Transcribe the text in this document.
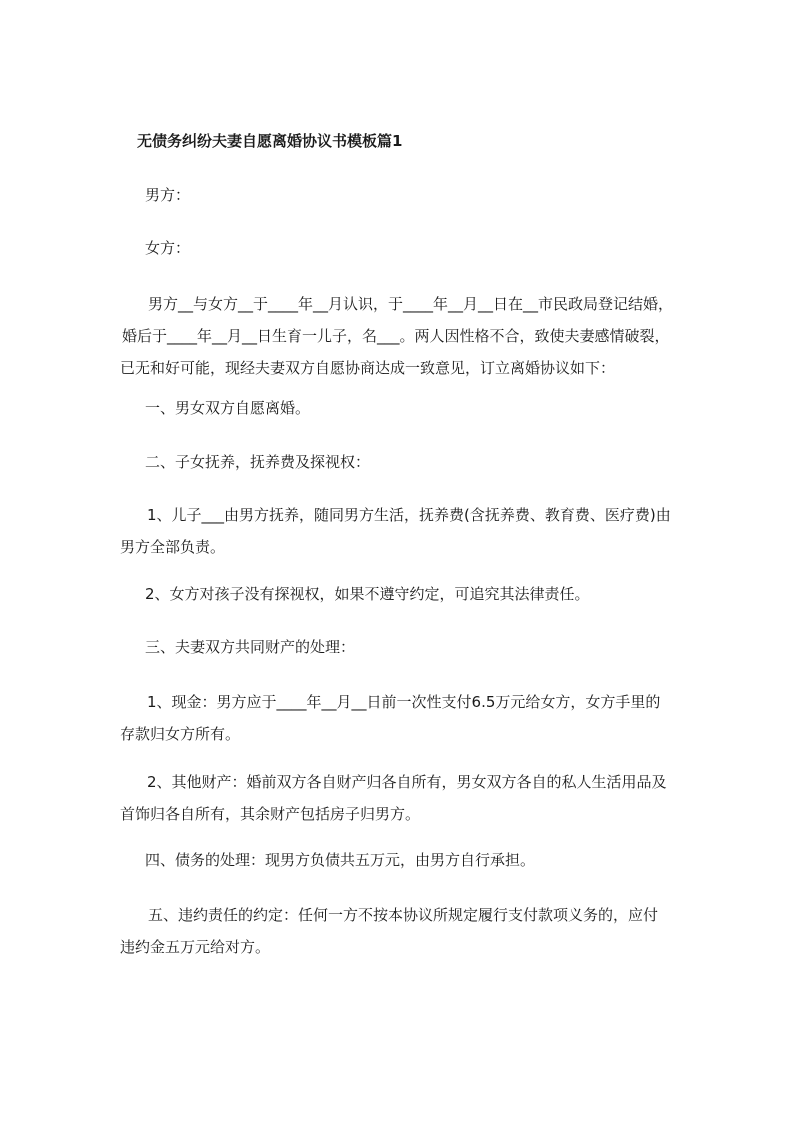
无债务纠纷夫妻自愿离婚协议书模板篇1
男方：
女方：
男方__与女方__于____年__月认识，于____年__月__日在__市民政局登记结婚，
婚后于____年__月__日生育一儿子，名___。两人因性格不合，致使夫妻感情破裂，
已无和好可能，现经夫妻双方自愿协商达成一致意见，订立离婚协议如下：
一、男女双方自愿离婚。
二、子女抚养，抚养费及探视权：
1、儿子___由男方抚养，随同男方生活，抚养费(含抚养费、教育费、医疗费)由
男方全部负责。
2、女方对孩子没有探视权，如果不遵守约定，可追究其法律责任。
三、夫妻双方共同财产的处理：
1、现金：男方应于____年__月__日前一次性支付6.5万元给女方，女方手里的
存款归女方所有。
2、其他财产：婚前双方各自财产归各自所有，男女双方各自的私人生活用品及
首饰归各自所有，其余财产包括房子归男方。
四、债务的处理：现男方负债共五万元，由男方自行承担。
五、违约责任的约定：任何一方不按本协议所规定履行支付款项义务的，应付
违约金五万元给对方。
